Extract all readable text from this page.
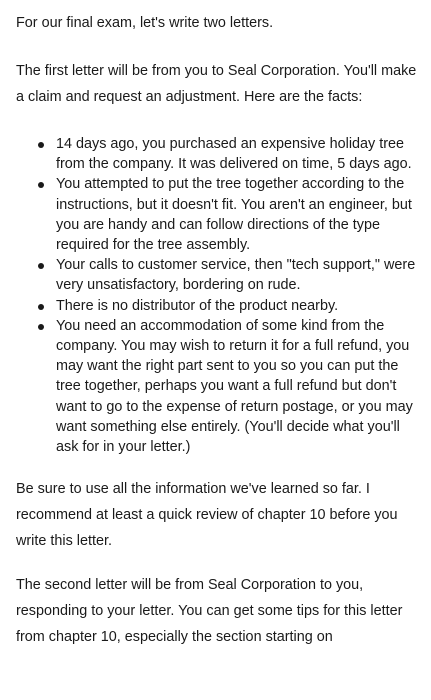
For our final exam, let's write two letters.

The first letter will be from you to Seal Corporation. You'll make a claim and request an adjustment. Here are the facts:

14 days ago, you purchased an expensive holiday tree from the company. It was delivered on time, 5 days ago.
You attempted to put the tree together according to the instructions, but it doesn't fit. You aren't an engineer, but you are handy and can follow directions of the type required for the tree assembly.
Your calls to customer service, then "tech support," were very unsatisfactory, bordering on rude.
There is no distributor of the product nearby.
You need an accommodation of some kind from the company. You may wish to return it for a full refund, you may want the right part sent to you so you can put the tree together, perhaps you want a full refund but don't want to go to the expense of return postage, or you may want something else entirely. (You'll decide what you'll ask for in your letter.)

Be sure to use all the information we've learned so far. I recommend at least a quick review of chapter 10 before you write this letter.

The second letter will be from Seal Corporation to you, responding to your letter. You can get some tips for this letter from chapter 10, especially the section starting on
